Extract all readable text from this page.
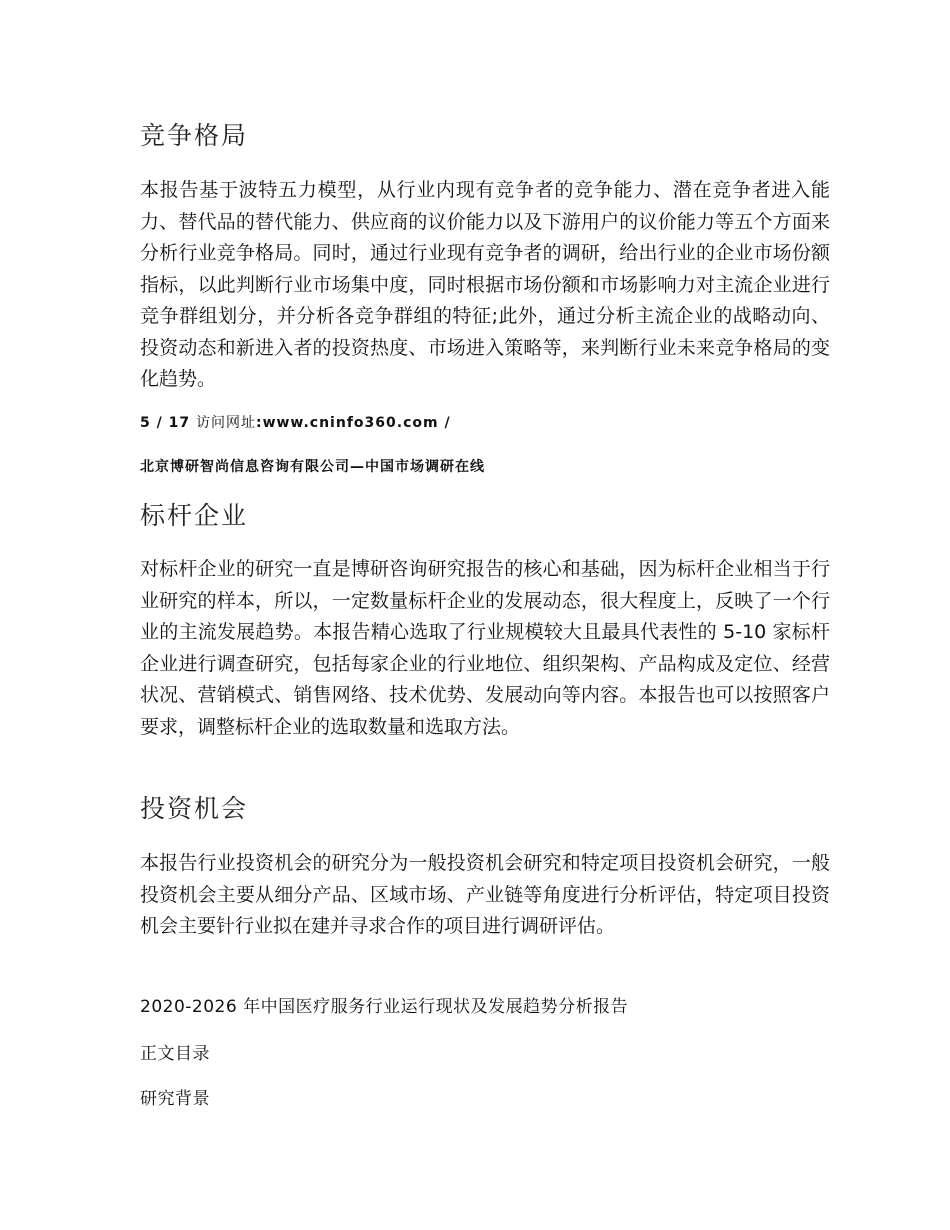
竞争格局

本报告基于波特五力模型，从行业内现有竞争者的竞争能力、潜在竞争者进入能力、替代品的替代能力、供应商的议价能力以及下游用户的议价能力等五个方面来分析行业竞争格局。同时，通过行业现有竞争者的调研，给出行业的企业市场份额指标，以此判断行业市场集中度，同时根据市场份额和市场影响力对主流企业进行竞争群组划分，并分析各竞争群组的特征;此外，通过分析主流企业的战略动向、投资动态和新进入者的投资热度、市场进入策略等，来判断行业未来竞争格局的变化趋势。

5 / 17 访问网址:www.cninfo360.com /

北京博研智尚信息咨询有限公司—中国市场调研在线

标杆企业

对标杆企业的研究一直是博研咨询研究报告的核心和基础，因为标杆企业相当于行业研究的样本，所以，一定数量标杆企业的发展动态，很大程度上，反映了一个行业的主流发展趋势。本报告精心选取了行业规模较大且最具代表性的 5-10 家标杆企业进行调查研究，包括每家企业的行业地位、组织架构、产品构成及定位、经营状况、营销模式、销售网络、技术优势、发展动向等内容。本报告也可以按照客户要求，调整标杆企业的选取数量和选取方法。

投资机会

本报告行业投资机会的研究分为一般投资机会研究和特定项目投资机会研究，一般投资机会主要从细分产品、区域市场、产业链等角度进行分析评估，特定项目投资机会主要针行业拟在建并寻求合作的项目进行调研评估。

2020-2026 年中国医疗服务行业运行现状及发展趋势分析报告

正文目录

研究背景
